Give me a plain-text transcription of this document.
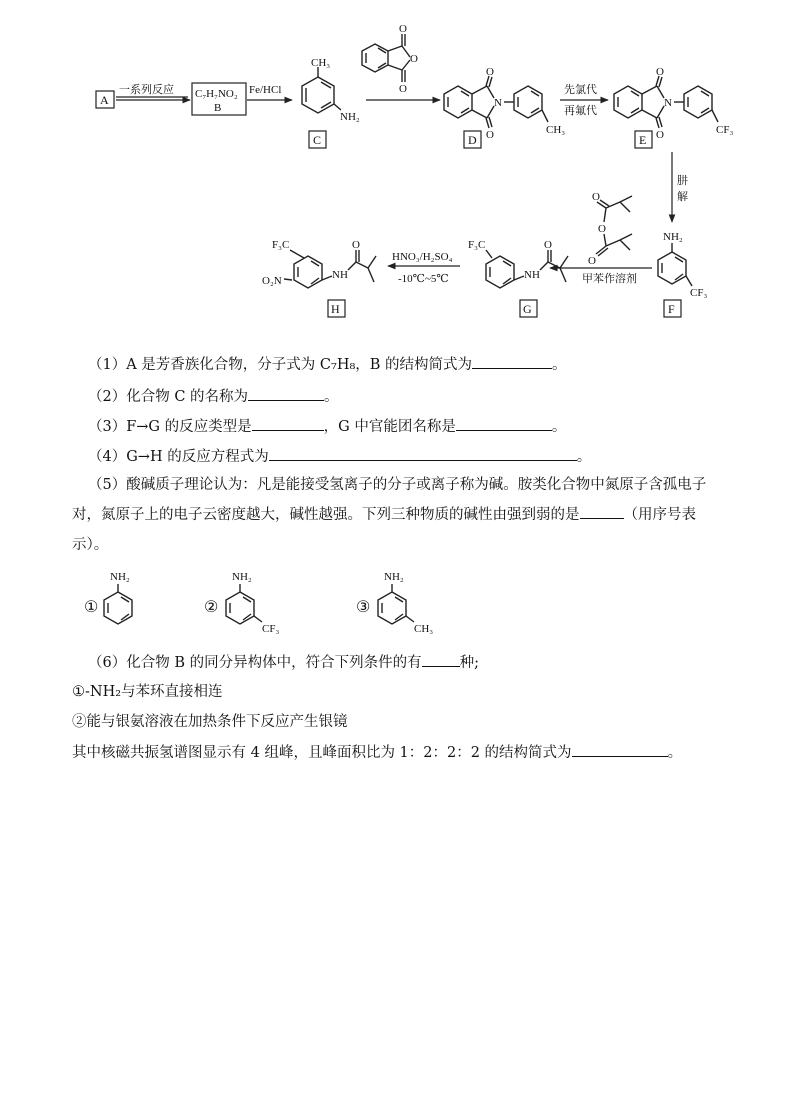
A
一系列反应 C₇H₇NO₂
B
Fe/HCl
CH₃
NH₂
C
O
O
O
O
O
N
CH₃
D
先氯代
再氟代
O
O
N
CF₃
E
肼
解
NH₂
CF₃
F
O
O
O
甲苯作溶剂
F₃C
NH
O
G
HNO₃/H₂SO₄
-10℃~5℃
F₃C
O₂N	NH
O
H
（1）A 是芳香族化合物，分子式为 C₇H₈，B 的结构简式为	。
（2）化合物 C 的名称为	。
（3）F→G 的反应类型是	，G 中官能团名称是	。
（4）G→H 的反应方程式为	。
（5）酸碱质子理论认为：凡是能接受氢离子的分子或离子称为碱。胺类化合物中氮原子含孤电子对，氮原子上的电子云密度越大，碱性越强。下列三种物质的碱性由强到弱的是	（用序号表示）。
①
NH₂
②
NH₂
CF₃
③
NH₂
CH₃
（6）化合物 B 的同分异构体中，符合下列条件的有	种;
①-NH₂与苯环直接相连
②能与银氨溶液在加热条件下反应产生银镜
其中核磁共振氢谱图显示有 4 组峰，且峰面积比为 1：2：2：2 的结构简式为	。
